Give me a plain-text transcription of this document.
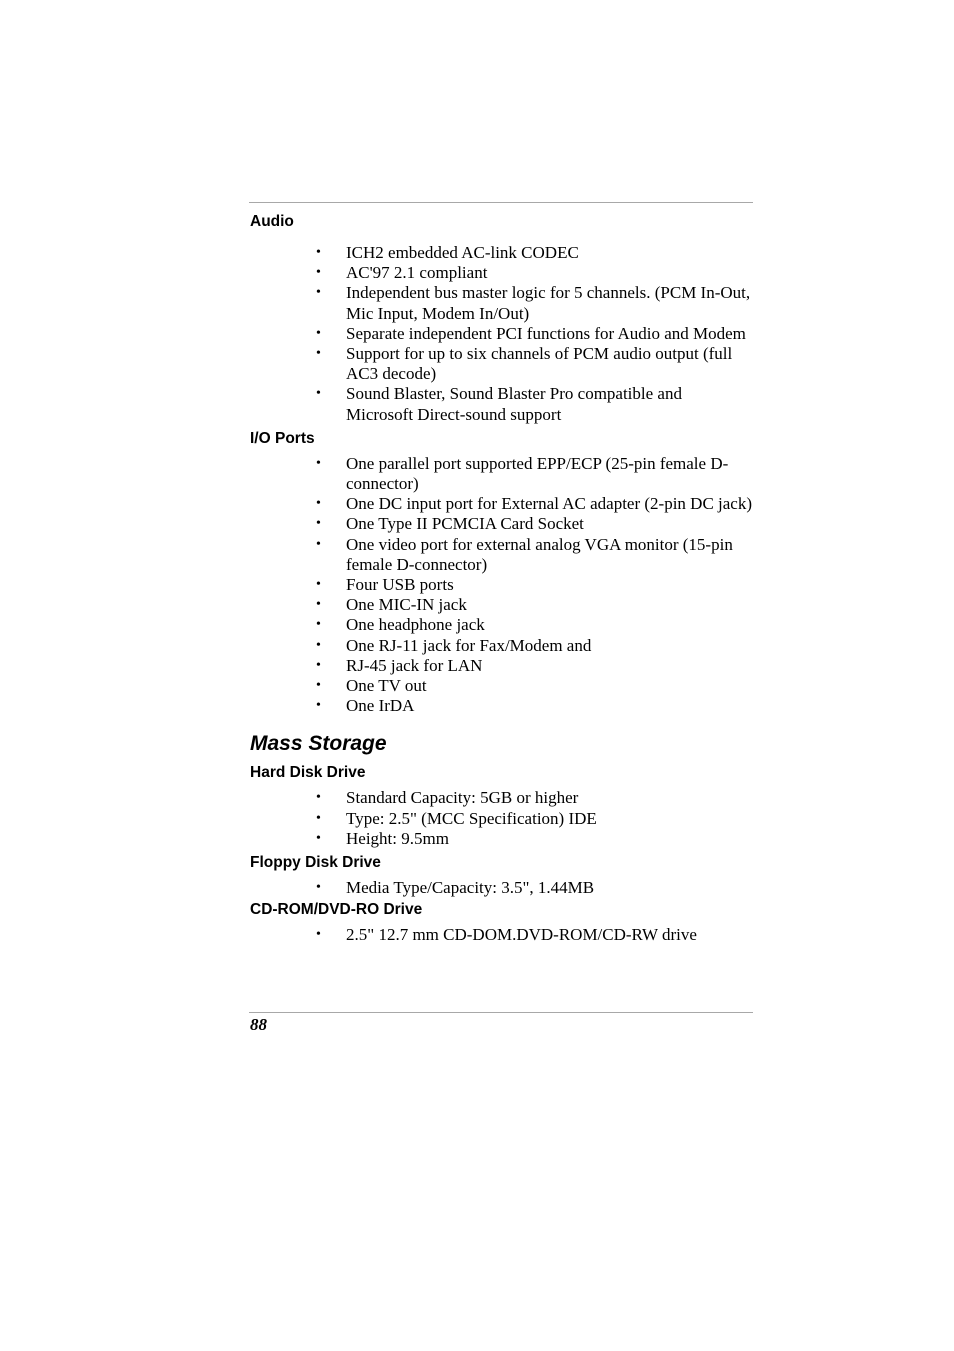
Audio
• ICH2 embedded AC-link CODEC
• AC'97 2.1 compliant
• Independent bus master logic for 5 channels. (PCM In-Out, Mic Input, Modem In/Out)
• Separate independent PCI functions for Audio and Modem
• Support for up to six channels of PCM audio output (full AC3 decode)
• Sound Blaster, Sound Blaster Pro compatible and Microsoft Direct-sound support
I/O Ports
• One parallel port supported EPP/ECP (25-pin female D-connector)
• One DC input port for External AC adapter (2-pin DC jack)
• One Type II PCMCIA Card Socket
• One video port for external analog VGA monitor (15-pin female D-connector)
• Four USB ports
• One MIC-IN jack
• One headphone jack
• One RJ-11 jack for Fax/Modem and
• RJ-45 jack for LAN
• One TV out
• One IrDA
Mass Storage
Hard Disk Drive
• Standard Capacity: 5GB or higher
• Type: 2.5" (MCC Specification) IDE
• Height: 9.5mm
Floppy Disk Drive
• Media Type/Capacity: 3.5", 1.44MB
CD-ROM/DVD-RO Drive
• 2.5" 12.7 mm CD-DOM.DVD-ROM/CD-RW drive
88
